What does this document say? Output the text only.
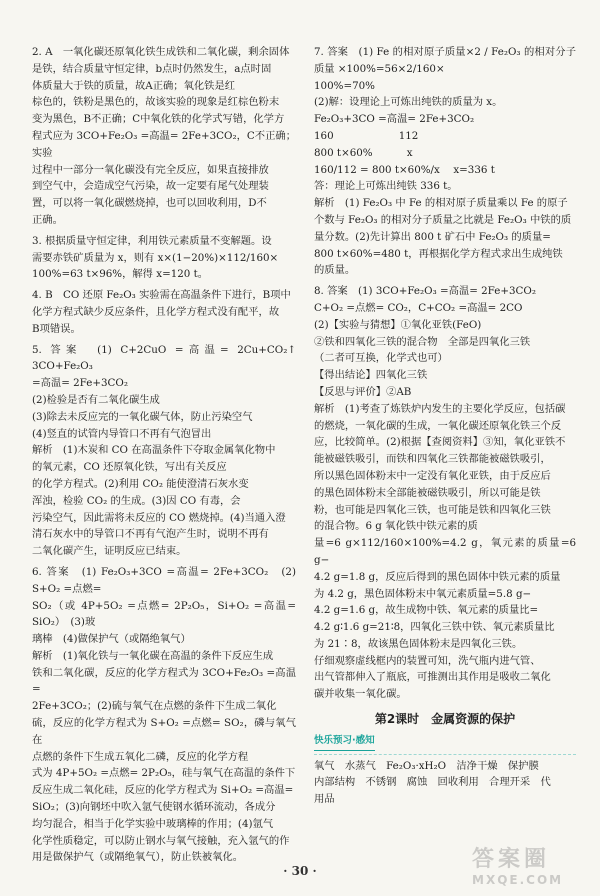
2. A　一氧化碳还原氧化铁生成铁和二氧化碳，剩余固体

是铁，结合质量守恒定律，b点时仍然发生，a点时固

体质量大于铁的质量，故A正确；氧化铁是红

棕色的，铁粉是黑色的，故该实验的现象是红棕色粉末

变为黑色，B不正确；C中氧化铁的化学式写错，化学方

程式应为 3CO+Fe₂O₃ =高温= 2Fe+3CO₂，C不正确；实验

过程中一部分一氧化碳没有完全反应，如果直接排放

到空气中，会造成空气污染，故一定要有尾气处理装

置，可以将一氧化碳燃烧掉，也可以回收利用，D不

正确。

3. 根据质量守恒定律，利用铁元素质量不变解题。设

需要赤铁矿质量为 x，则有 x×(1−20%)×112/160×

100%=63 t×96%，解得 x=120 t。

4. B　CO 还原 Fe₂O₃ 实验需在高温条件下进行，B项中

化学方程式缺少反应条件，且化学方程式没有配平，故

B项错误。

5. 答案　(1) C+2CuO =高温= 2Cu+CO₂↑　3CO+Fe₂O₃

=高温= 2Fe+3CO₂

(2)检验是否有二氧化碳生成

(3)除去未反应完的一氧化碳气体，防止污染空气

(4)竖直的试管内导管口不再有气泡冒出

解析　(1)木炭和 CO 在高温条件下夺取金属氧化物中

的氧元素，CO 还原氧化铁，写出有关反应

的化学方程式。(2)利用 CO₂ 能使澄清石灰水变

浑浊，检验 CO₂ 的生成。(3)因 CO 有毒，会

污染空气，因此需将未反应的 CO 燃烧掉。(4)当通入澄

清石灰水中的导管口不再有气泡产生时，说明不再有

二氧化碳产生，证明反应已结束。

6. 答案　(1) Fe₂O₃+3CO =高温= 2Fe+3CO₂　(2) S+O₂ =点燃=

SO₂（或 4P+5O₂ =点燃= 2P₂O₅，Si+O₂ =高温= SiO₂）　(3)玻

璃棒　(4)做保护气（或隔绝氧气）

解析　(1)氧化铁与一氧化碳在高温的条件下反应生成

铁和二氧化碳，反应的化学方程式为 3CO+Fe₂O₃ =高温=

2Fe+3CO₂；(2)硫与氧气在点燃的条件下生成二氧化

硫，反应的化学方程式为 S+O₂ =点燃= SO₂，磷与氧气在

点燃的条件下生成五氧化二磷，反应的化学方程

式为 4P+5O₂ =点燃= 2P₂O₅，硅与氧气在高温的条件下

反应生成二氧化硅，反应的化学方程式为 Si+O₂ =高温=

SiO₂；(3)向钢坯中吹入氩气使钢水循环流动，各成分

均匀混合，相当于化学实验中玻璃棒的作用；(4)氩气

化学性质稳定，可以防止钢水与氧气接触，充入氩气的作

用是做保护气（或隔绝氧气），防止铁被氧化。

7. 答案　(1) Fe 的相对原子质量×2 / Fe₂O₃ 的相对分子质量 ×100%=56×2/160×

100%=70%

(2)解：设理论上可炼出纯铁的质量为 x。

Fe₂O₃+3CO =高温= 2Fe+3CO₂

160　　　　　　 112

800 t×60%　　　 x

160/112 = 800 t×60%/x　 x=336 t

答：理论上可炼出纯铁 336 t。

解析　(1) Fe₂O₃ 中 Fe 的相对原子质量乘以 Fe 的原子

个数与 Fe₂O₃ 的相对分子质量之比就是 Fe₂O₃ 中铁的质

量分数。(2)先计算出 800 t 矿石中 Fe₂O₃ 的质量=

800 t×60%=480 t，再根据化学方程式求出生成纯铁

的质量。

8. 答案　(1) 3CO+Fe₂O₃ =高温= 2Fe+3CO₂

C+O₂ =点燃= CO₂，C+CO₂ =高温= 2CO

(2)【实验与猜想】①氧化亚铁(FeO)

②铁和四氧化三铁的混合物　全部是四氧化三铁

（二者可互换，化学式也可）

【得出结论】四氧化三铁

【反思与评价】②AB

解析　(1)考查了炼铁炉内发生的主要化学反应，包括碳

的燃烧，一氧化碳的生成，一氧化碳还原氧化铁三个反

应，比较简单。(2)根据【查阅资料】③知，氧化亚铁不

能被磁铁吸引，而铁和四氧化三铁都能被磁铁吸引，

所以黑色固体粉末中一定没有氧化亚铁，由于反应后

的黑色固体粉末全部能被磁铁吸引，所以可能是铁

粉，也可能是四氧化三铁，也可能是铁和四氧化三铁

的混合物。6 g 氧化铁中铁元素的质

量=6 g×112/160×100%=4.2 g，氧元素的质量=6 g−

4.2 g=1.8 g，反应后得到的黑色固体中铁元素的质量

为 4.2 g，黑色固体粉末中氧元素质量=5.8 g−

4.2 g=1.6 g，故生成物中铁、氧元素的质量比=

4.2 g∶1.6 g=21∶8，四氧化三铁中铁、氧元素质量比

为 21∶8，故该黑色固体粉末是四氧化三铁。

仔细观察虚线框内的装置可知，洗气瓶内进气管、

出气管都伸入了瓶底，可推测出其作用是吸收二氧化

碳并收集一氧化碳。

第2课时　金属资源的保护
快乐预习·感知

氧气　水蒸气　Fe₂O₃·xH₂O　洁净干燥　保护膜

内部结构　不锈钢　腐蚀　回收利用　合理开采　代

用品

· 30 ·	答案圈
MXQE.COM
